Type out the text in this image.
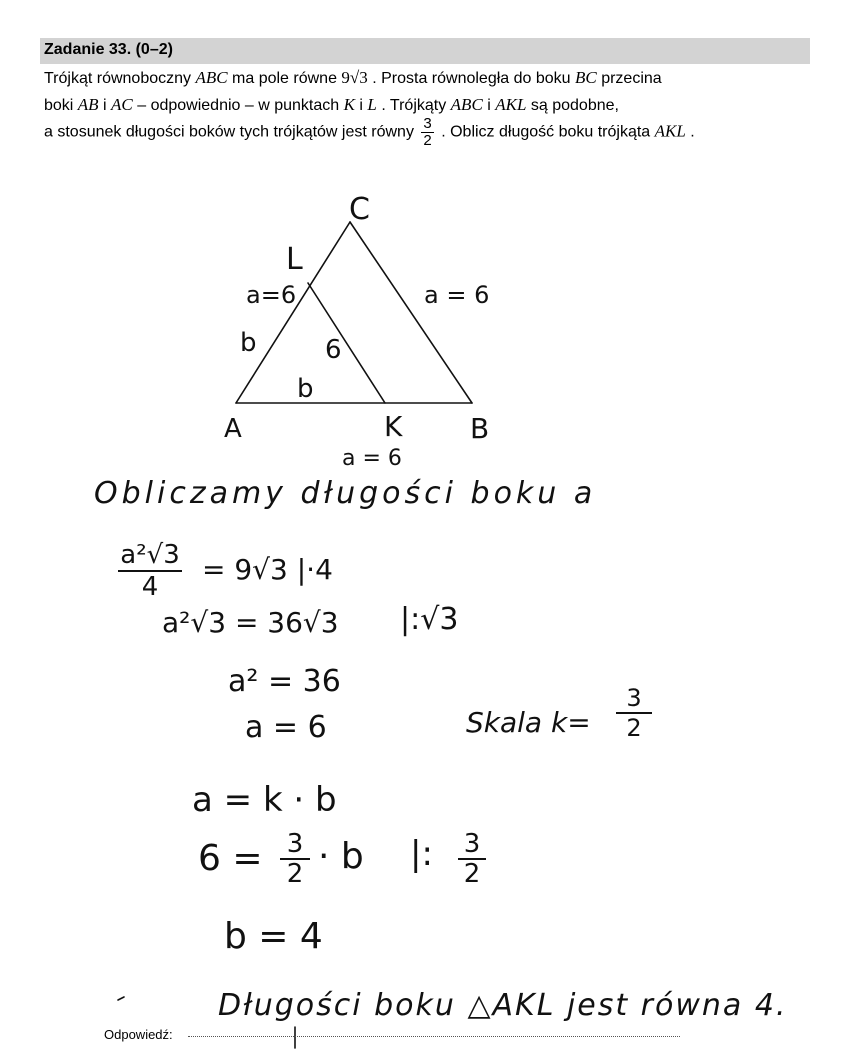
Zadanie 33. (0–2)
Trójkąt równoboczny ABC ma pole równe 9√3 . Prosta równoległa do boku BC przecina
boki AB i AC – odpowiednio – w punktach K i L . Trójkąty ABC i AKL są podobne,
a stosunek długości boków tych trójkątów jest równy $\frac{3}{2}$ . Oblicz długość boku trójkąta AKL .
C
L
A	K B
a=6	a = 6
b	6
b
a = 6
Obliczamy długości boku a
$\frac{\text{a²√3}}{4} = 9√3$ |·4
a²√3 = 36√3 |:√3
a² = 36
a = 6	Skala $k= \frac{3}{2}$
a = k · b
$6 = \frac{3}{2} \cdot b$ |: $\frac{3}{2}$
b = 4
Długości boku △AKL jest równa 4.
Odpowiedź:
